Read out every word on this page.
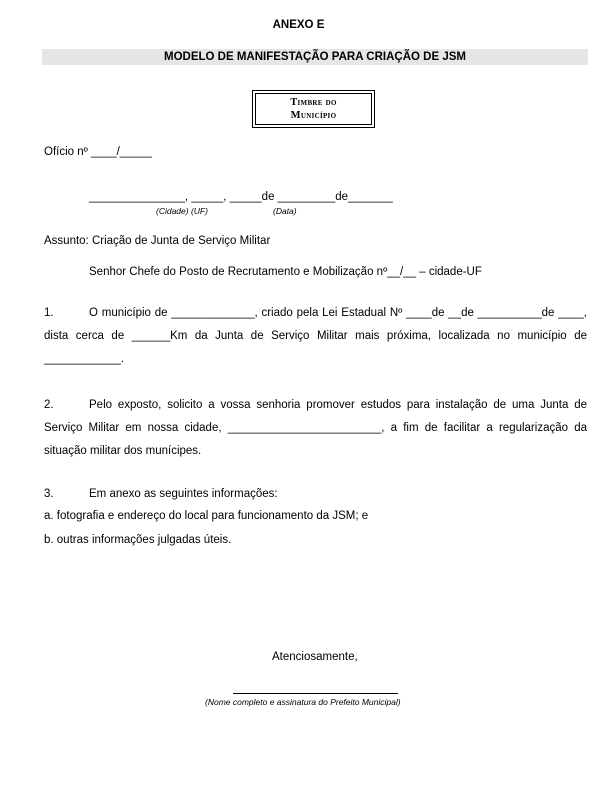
ANEXO E
MODELO DE MANIFESTAÇÃO PARA CRIAÇÃO DE JSM
Timbre do
Município
Ofício nº ____/_____
_______________, _____, _____de _________de_______
(Cidade) (UF)	(Data)
Assunto: Criação de Junta de Serviço Militar
Senhor Chefe do Posto de Recrutamento e Mobilização nº__/__ – cidade-UF
1.	O município de _____________, criado pela Lei Estadual Nº ____de __de __________de ____, dista cerca de ______Km da Junta de Serviço Militar mais próxima, localizada no município de ____________.
2.	Pelo exposto, solicito a vossa senhoria promover estudos para instalação de uma Junta de Serviço Militar em nossa cidade, ________________________, a fim de facilitar a regularização da situação militar dos munícipes.
3.	Em anexo as seguintes informações:
a. fotografia e endereço do local para funcionamento da JSM; e
b. outras informações julgadas úteis.
Atenciosamente,
(Nome completo e assinatura do Prefeito Municipal)
